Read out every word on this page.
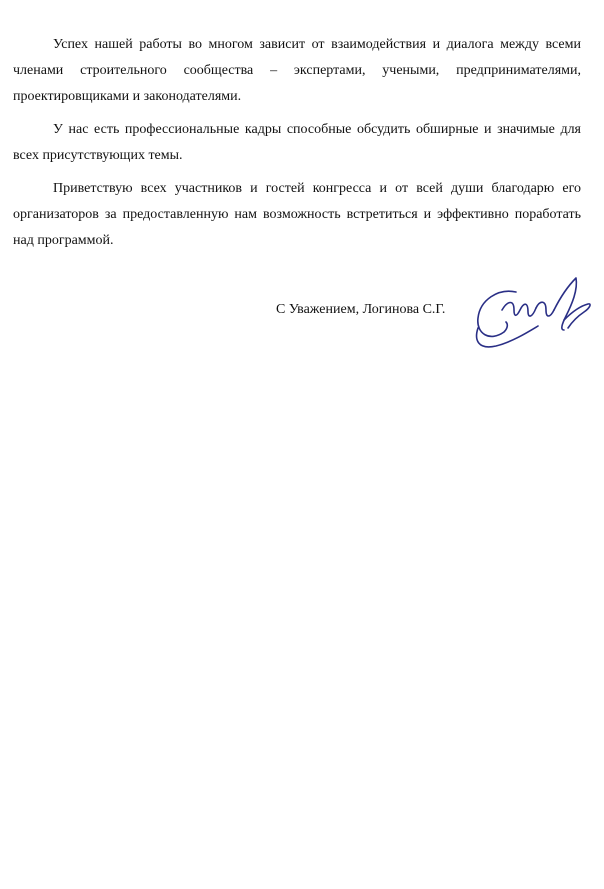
Успех нашей работы во многом зависит от взаимодействия и диалога между всеми членами строительного сообщества – экспертами, учеными, предпринимателями, проектировщиками и законодателями.

У нас есть профессиональные кадры способные обсудить обширные и значимые для всех присутствующих темы.

Приветствую всех участников и гостей конгресса и от всей души благодарю его организаторов за предоставленную нам возможность встретиться и эффективно поработать над программой.

С Уважением, Логинова С.Г.
